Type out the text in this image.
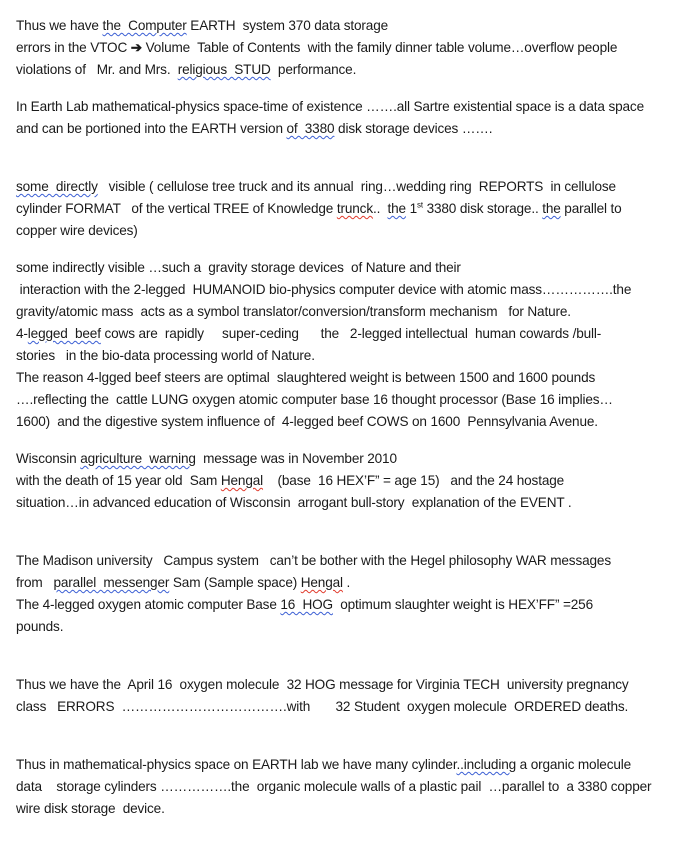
Thus we have the  Computer EARTH  system 370 data storage
errors in the VTOC ➔ Volume  Table of Contents  with the family dinner table volume…overflow people
violations of   Mr. and Mrs.  religious  STUD  performance.
In Earth Lab mathematical-physics space-time of existence …….all Sartre existential space is a data space
and can be portioned into the EARTH version of  3380 disk storage devices …….
some  directly   visible ( cellulose tree truck and its annual  ring…wedding ring  REPORTS  in cellulose
cylinder FORMAT   of the vertical TREE of Knowledge trunck..  the 1st 3380 disk storage.. the parallel to
copper wire devices)
some indirectly visible …such a  gravity storage devices  of Nature and their
interaction with the 2-legged  HUMANOID bio-physics computer device with atomic mass…………….the
gravity/atomic mass  acts as a symbol translator/conversion/transform mechanism   for Nature.
4-legged  beef cows are  rapidly     super-ceding      the   2-legged intellectual  human cowards /bull-
stories   in the bio-data processing world of Nature.
The reason 4-lgged beef steers are optimal  slaughtered weight is between 1500 and 1600 pounds
….reflecting the  cattle LUNG oxygen atomic computer base 16 thought processor (Base 16 implies…
1600)  and the digestive system influence of  4-legged beef COWS on 1600  Pennsylvania Avenue.
Wisconsin agriculture  warning  message was in November 2010
with the death of 15 year old  Sam Hengal    (base  16 HEX’F” = age 15)   and the 24 hostage
situation…in advanced education of Wisconsin  arrogant bull-story  explanation of the EVENT .
The Madison university   Campus system   can’t be bother with the Hegel philosophy WAR messages
from   parallel  messenger Sam (Sample space) Hengal .
The 4-legged oxygen atomic computer Base 16  HOG  optimum slaughter weight is HEX’FF” =256
pounds.
Thus we have the  April 16  oxygen molecule  32 HOG message for Virginia TECH  university pregnancy
class   ERRORS  ……………………………….with       32 Student  oxygen molecule  ORDERED deaths.
Thus in mathematical-physics space on EARTH lab we have many cylinder..including a organic molecule
data    storage cylinders …………….the  organic molecule walls of a plastic pail  …parallel to  a 3380 copper
wire disk storage  device.
